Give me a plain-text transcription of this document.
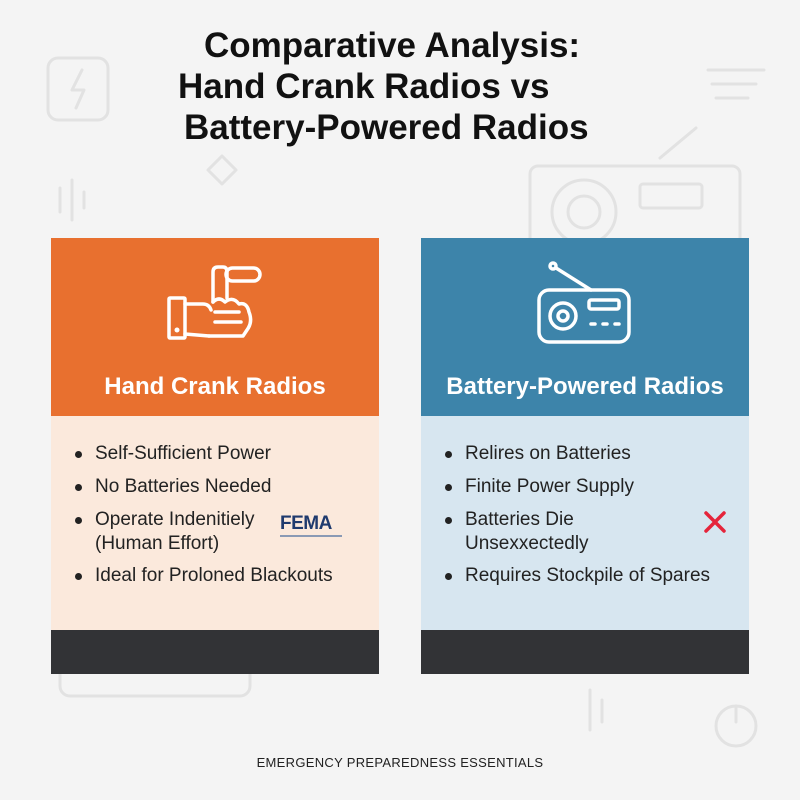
Comparative Analysis:
Hand Crank Radios vs
Battery-Powered Radios
Hand Crank Radios	Battery-Powered Radios
Self-Sufficient Power
No Batteries Needed
Operate Indenitiely
(Human Effort)
Ideal for Proloned Blackouts
FEMA
Relires on Batteries
Finite Power Supply
Batteries Die
Unsexxectedly
Requires Stockpile of Spares
EMERGENCY PREPAREDNESS ESSENTIALS
